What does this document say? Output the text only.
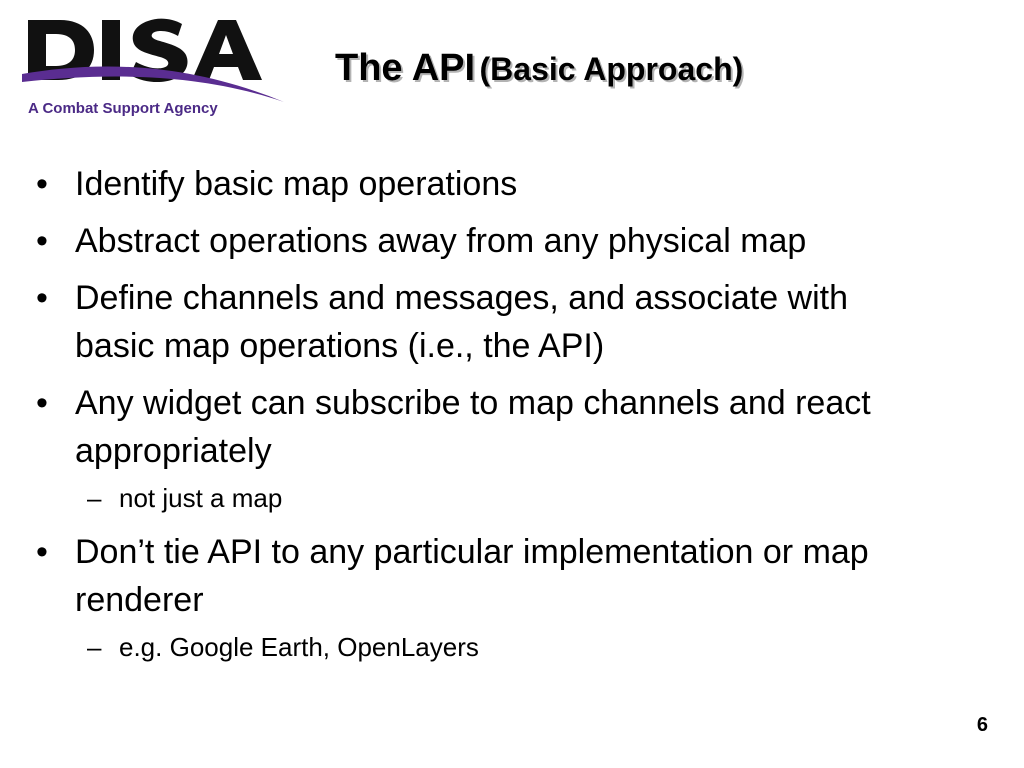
A Combat Support Agency
The API (Basic Approach)
• Identify basic map operations
• Abstract operations away from any physical map
• Define channels and messages, and associate with basic map operations (i.e., the API)
• Any widget can subscribe to map channels and react appropriately
– not just a map
• Don’t tie API to any particular implementation or map renderer
– e.g. Google Earth, OpenLayers
6
